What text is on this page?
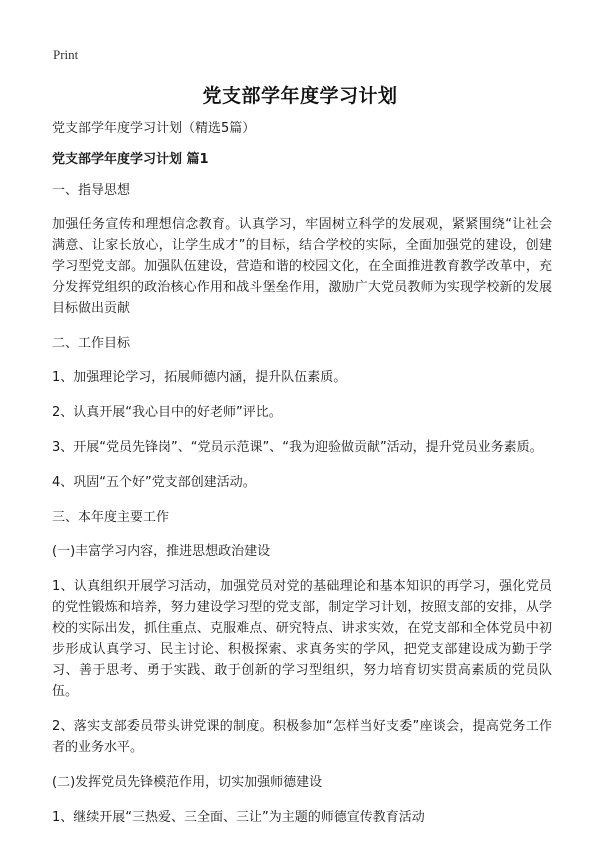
Print
党支部学年度学习计划

党支部学年度学习计划（精选5篇）

党支部学年度学习计划 篇1

一、指导思想

加强任务宣传和理想信念教育。认真学习，牢固树立科学的发展观，紧紧围绕“让社会满意、让家长放心，让学生成才”的目标，结合学校的实际，全面加强党的建设，创建学习型党支部。加强队伍建设，营造和谐的校园文化，在全面推进教育教学改革中，充分发挥党组织的政治核心作用和战斗堡垒作用，激励广大党员教师为实现学校新的发展目标做出贡献

二、工作目标

1、加强理论学习，拓展师德内涵，提升队伍素质。

2、认真开展“我心目中的好老师”评比。

3、开展“党员先锋岗”、“党员示范课”、“我为迎验做贡献”活动，提升党员业务素质。

4、巩固“五个好”党支部创建活动。

三、本年度主要工作

(一)丰富学习内容，推进思想政治建设

1、认真组织开展学习活动，加强党员对党的基础理论和基本知识的再学习，强化党员的党性锻炼和培养，努力建设学习型的党支部，制定学习计划，按照支部的安排，从学校的实际出发，抓住重点、克服难点、研究特点、讲求实效，在党支部和全体党员中初步形成认真学习、民主讨论、积极探索、求真务实的学风，把党支部建设成为勤于学习、善于思考、勇于实践、敢于创新的学习型组织，努力培育切实贯高素质的党员队伍。

2、落实支部委员带头讲党课的制度。积极参加“怎样当好支委”座谈会，提高党务工作者的业务水平。

(二)发挥党员先锋模范作用，切实加强师德建设

1、继续开展“三热爱、三全面、三让”为主题的师德宣传教育活动
